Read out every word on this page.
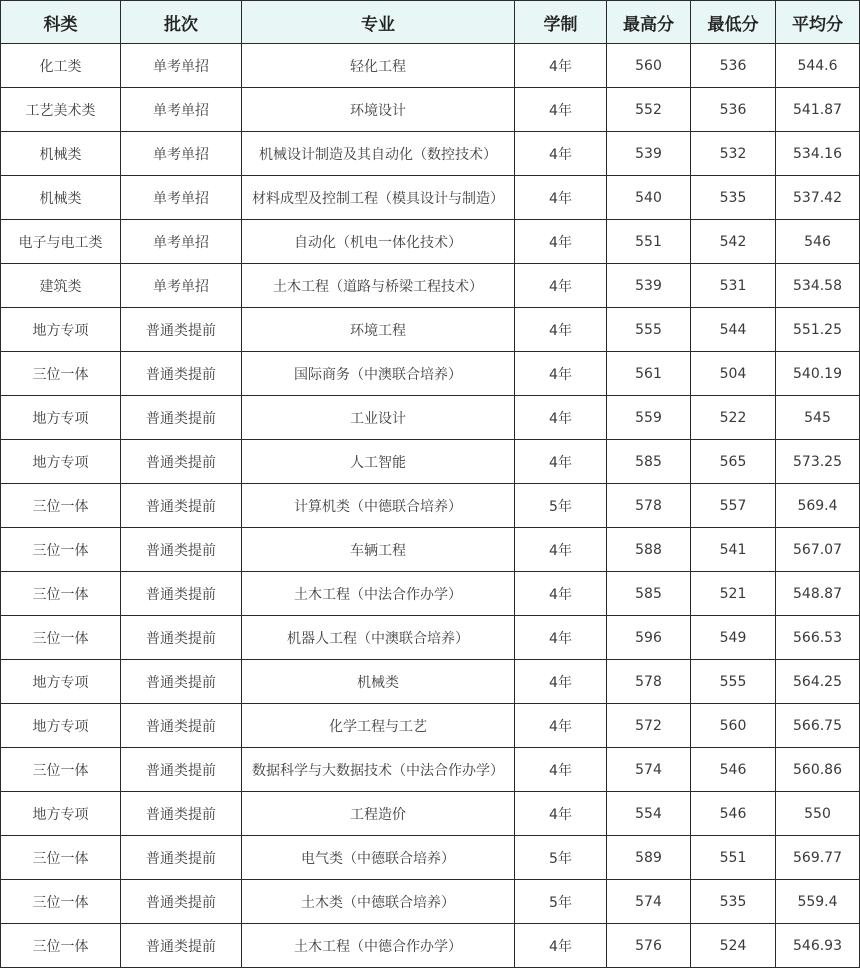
科类	批次	专业	学制	最高分	最低分	平均分
化工类	单考单招	轻化工程	4年	560	536	544.6
工艺美术类	单考单招	环境设计	4年	552	536	541.87
机械类	单考单招	机械设计制造及其自动化（数控技术）	4年	539	532	534.16
机械类	单考单招	材料成型及控制工程（模具设计与制造）	4年	540	535	537.42
电子与电工类	单考单招	自动化（机电一体化技术）	4年	551	542	546
建筑类	单考单招	土木工程（道路与桥梁工程技术）	4年	539	531	534.58
地方专项	普通类提前	环境工程	4年	555	544	551.25
三位一体	普通类提前	国际商务（中澳联合培养）	4年	561	504	540.19
地方专项	普通类提前	工业设计	4年	559	522	545
地方专项	普通类提前	人工智能	4年	585	565	573.25
三位一体	普通类提前	计算机类（中德联合培养）	5年	578	557	569.4
三位一体	普通类提前	车辆工程	4年	588	541	567.07
三位一体	普通类提前	土木工程（中法合作办学）	4年	585	521	548.87
三位一体	普通类提前	机器人工程（中澳联合培养）	4年	596	549	566.53
地方专项	普通类提前	机械类	4年	578	555	564.25
地方专项	普通类提前	化学工程与工艺	4年	572	560	566.75
三位一体	普通类提前	数据科学与大数据技术（中法合作办学）	4年	574	546	560.86
地方专项	普通类提前	工程造价	4年	554	546	550
三位一体	普通类提前	电气类（中德联合培养）	5年	589	551	569.77
三位一体	普通类提前	土木类（中德联合培养）	5年	574	535	559.4
三位一体	普通类提前	土木工程（中德合作办学）	4年	576	524	546.93
